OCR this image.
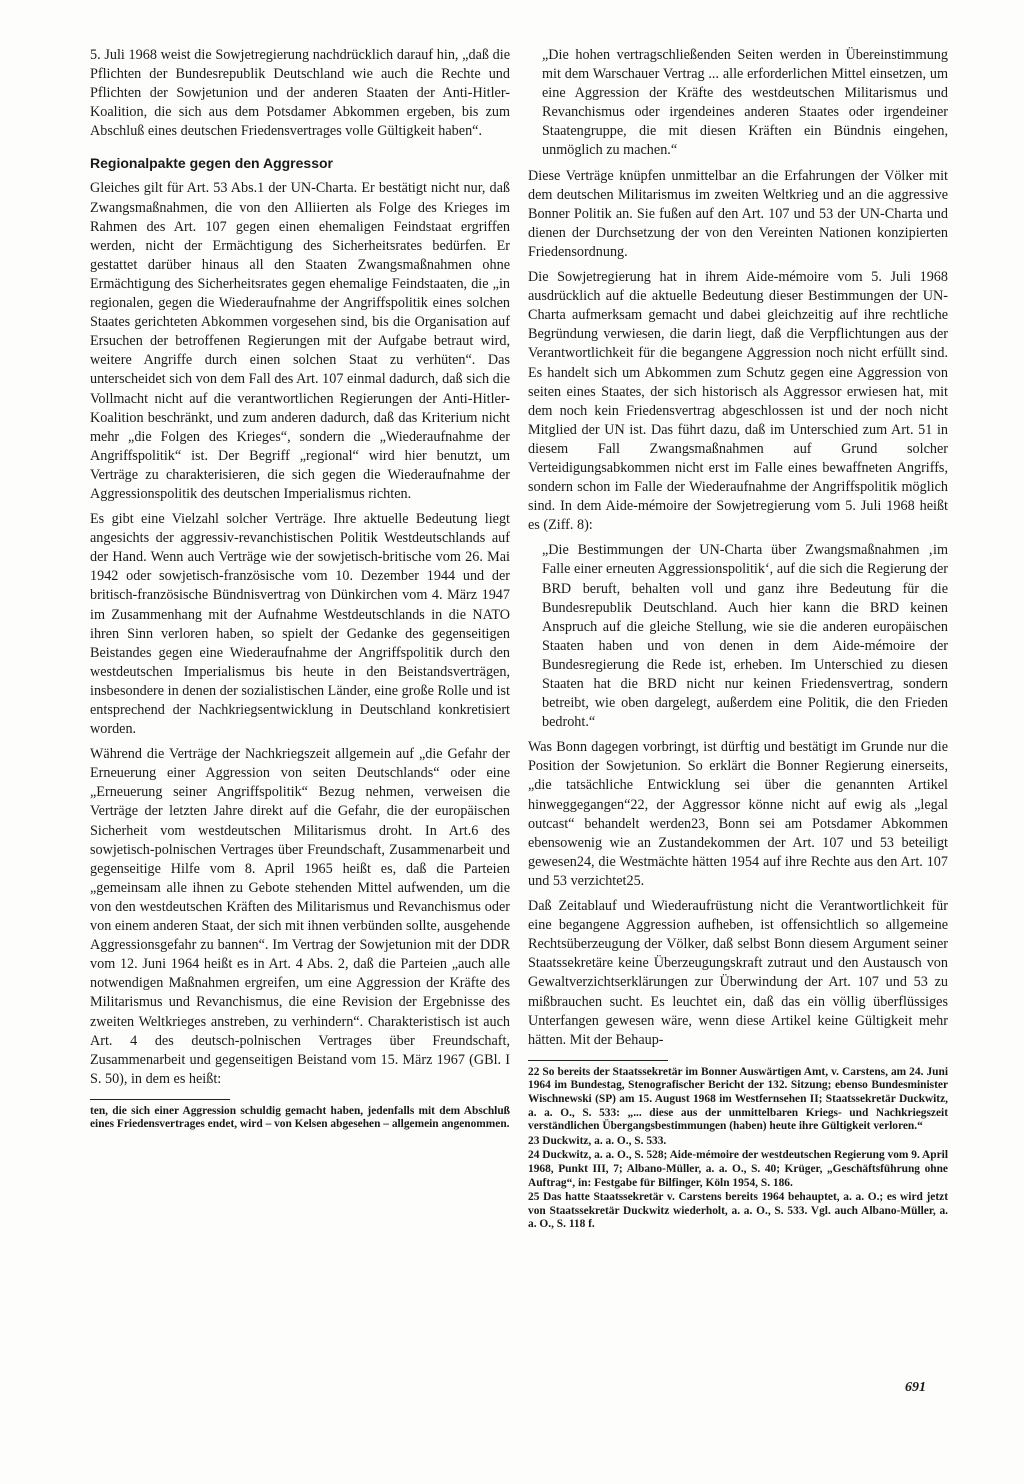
5. Juli 1968 weist die Sowjetregierung nachdrücklich darauf hin, „daß die Pflichten der Bundesrepublik Deutschland wie auch die Rechte und Pflichten der Sowjetunion und der anderen Staaten der Anti-Hitler-Koalition, die sich aus dem Potsdamer Abkommen ergeben, bis zum Abschluß eines deutschen Friedensvertrages volle Gültigkeit haben“.

Regionalpakte gegen den Aggressor

Gleiches gilt für Art. 53 Abs.1 der UN-Charta. Er bestätigt nicht nur, daß Zwangsmaßnahmen, die von den Alliierten als Folge des Krieges im Rahmen des Art. 107 gegen einen ehemaligen Feindstaat ergriffen werden, nicht der Ermächtigung des Sicherheitsrates bedürfen. Er gestattet darüber hinaus all den Staaten Zwangsmaßnahmen ohne Ermächtigung des Sicherheitsrates gegen ehemalige Feindstaaten, die „in regionalen, gegen die Wiederaufnahme der Angriffspolitik eines solchen Staates gerichteten Abkommen vorgesehen sind, bis die Organisation auf Ersuchen der betroffenen Regierungen mit der Aufgabe betraut wird, weitere Angriffe durch einen solchen Staat zu verhüten“. Das unterscheidet sich von dem Fall des Art. 107 einmal dadurch, daß sich die Vollmacht nicht auf die verantwortlichen Regierungen der Anti-Hitler-Koalition beschränkt, und zum anderen dadurch, daß das Kriterium nicht mehr „die Folgen des Krieges“, sondern die „Wiederaufnahme der Angriffspolitik“ ist. Der Begriff „regional“ wird hier benutzt, um Verträge zu charakterisieren, die sich gegen die Wiederaufnahme der Aggressionspolitik des deutschen Imperialismus richten.

Es gibt eine Vielzahl solcher Verträge. Ihre aktuelle Bedeutung liegt angesichts der aggressiv-revanchistischen Politik Westdeutschlands auf der Hand. Wenn auch Verträge wie der sowjetisch-britische vom 26. Mai 1942 oder sowjetisch-französische vom 10. Dezember 1944 und der britisch-französische Bündnisvertrag von Dünkirchen vom 4. März 1947 im Zusammenhang mit der Aufnahme Westdeutschlands in die NATO ihren Sinn verloren haben, so spielt der Gedanke des gegenseitigen Beistandes gegen eine Wiederaufnahme der Angriffspolitik durch den westdeutschen Imperialismus bis heute in den Beistandsverträgen, insbesondere in denen der sozialistischen Länder, eine große Rolle und ist entsprechend der Nachkriegsentwicklung in Deutschland konkretisiert worden.

Während die Verträge der Nachkriegszeit allgemein auf „die Gefahr der Erneuerung einer Aggression von seiten Deutschlands“ oder eine „Erneuerung seiner Angriffspolitik“ Bezug nehmen, verweisen die Verträge der letzten Jahre direkt auf die Gefahr, die der europäischen Sicherheit vom westdeutschen Militarismus droht. In Art.6 des sowjetisch-polnischen Vertrages über Freundschaft, Zusammenarbeit und gegenseitige Hilfe vom 8. April 1965 heißt es, daß die Parteien „gemeinsam alle ihnen zu Gebote stehenden Mittel aufwenden, um die von den westdeutschen Kräften des Militarismus und Revanchismus oder von einem anderen Staat, der sich mit ihnen verbünden sollte, ausgehende Aggressionsgefahr zu bannen“. Im Vertrag der Sowjetunion mit der DDR vom 12. Juni 1964 heißt es in Art. 4 Abs. 2, daß die Parteien „auch alle notwendigen Maßnahmen ergreifen, um eine Aggression der Kräfte des Militarismus und Revanchismus, die eine Revision der Ergebnisse des zweiten Weltkrieges anstreben, zu verhindern“. Charakteristisch ist auch Art. 4 des deutsch-polnischen Vertrages über Freundschaft, Zusammenarbeit und gegenseitigen Beistand vom 15. März 1967 (GBl. I S. 50), in dem es heißt:

ten, die sich einer Aggression schuldig gemacht haben, jedenfalls mit dem Abschluß eines Friedensvertrages endet, wird – von Kelsen abgesehen – allgemein angenommen.

„Die hohen vertragschließenden Seiten werden in Übereinstimmung mit dem Warschauer Vertrag ... alle erforderlichen Mittel einsetzen, um eine Aggression der Kräfte des westdeutschen Militarismus und Revanchismus oder irgendeines anderen Staates oder irgendeiner Staatengruppe, die mit diesen Kräften ein Bündnis eingehen, unmöglich zu machen.“

Diese Verträge knüpfen unmittelbar an die Erfahrungen der Völker mit dem deutschen Militarismus im zweiten Weltkrieg und an die aggressive Bonner Politik an. Sie fußen auf den Art. 107 und 53 der UN-Charta und dienen der Durchsetzung der von den Vereinten Nationen konzipierten Friedensordnung.

Die Sowjetregierung hat in ihrem Aide-mémoire vom 5. Juli 1968 ausdrücklich auf die aktuelle Bedeutung dieser Bestimmungen der UN-Charta aufmerksam gemacht und dabei gleichzeitig auf ihre rechtliche Begründung verwiesen, die darin liegt, daß die Verpflichtungen aus der Verantwortlichkeit für die begangene Aggression noch nicht erfüllt sind. Es handelt sich um Abkommen zum Schutz gegen eine Aggression von seiten eines Staates, der sich historisch als Aggressor erwiesen hat, mit dem noch kein Friedensvertrag abgeschlossen ist und der noch nicht Mitglied der UN ist. Das führt dazu, daß im Unterschied zum Art. 51 in diesem Fall Zwangsmaßnahmen auf Grund solcher Verteidigungsabkommen nicht erst im Falle eines bewaffneten Angriffs, sondern schon im Falle der Wiederaufnahme der Angriffspolitik möglich sind. In dem Aide-mémoire der Sowjetregierung vom 5. Juli 1968 heißt es (Ziff. 8):

„Die Bestimmungen der UN-Charta über Zwangsmaßnahmen ‚im Falle einer erneuten Aggressionspolitik‘, auf die sich die Regierung der BRD beruft, behalten voll und ganz ihre Bedeutung für die Bundesrepublik Deutschland. Auch hier kann die BRD keinen Anspruch auf die gleiche Stellung, wie sie die anderen europäischen Staaten haben und von denen in dem Aide-mémoire der Bundesregierung die Rede ist, erheben. Im Unterschied zu diesen Staaten hat die BRD nicht nur keinen Friedensvertrag, sondern betreibt, wie oben dargelegt, außerdem eine Politik, die den Frieden bedroht.“

Was Bonn dagegen vorbringt, ist dürftig und bestätigt im Grunde nur die Position der Sowjetunion. So erklärt die Bonner Regierung einerseits, „die tatsächliche Entwicklung sei über die genannten Artikel hinweggegangen“22, der Aggressor könne nicht auf ewig als „legal outcast“ behandelt werden23, Bonn sei am Potsdamer Abkommen ebensowenig wie an Zustandekommen der Art. 107 und 53 beteiligt gewesen24, die Westmächte hätten 1954 auf ihre Rechte aus den Art. 107 und 53 verzichtet25.

Daß Zeitablauf und Wiederaufrüstung nicht die Verantwortlichkeit für eine begangene Aggression aufheben, ist offensichtlich so allgemeine Rechtsüberzeugung der Völker, daß selbst Bonn diesem Argument seiner Staatssekretäre keine Überzeugungskraft zutraut und den Austausch von Gewaltverzichtserklärungen zur Überwindung der Art. 107 und 53 zu mißbrauchen sucht. Es leuchtet ein, daß das ein völlig überflüssiges Unterfangen gewesen wäre, wenn diese Artikel keine Gültigkeit mehr hätten. Mit der Behaup-

22 So bereits der Staatssekretär im Bonner Auswärtigen Amt, v. Carstens, am 24. Juni 1964 im Bundestag, Stenografischer Bericht der 132. Sitzung; ebenso Bundesminister Wischnewski (SP) am 15. August 1968 im Westfernsehen II; Staatssekretär Duckwitz, a. a. O., S. 533: „... diese aus der unmittelbaren Kriegs- und Nachkriegszeit verständlichen Übergangsbestimmungen (haben) heute ihre Gültigkeit verloren.“

23 Duckwitz, a. a. O., S. 533.

24 Duckwitz, a. a. O., S. 528; Aide-mémoire der westdeutschen Regierung vom 9. April 1968, Punkt III, 7; Albano-Müller, a. a. O., S. 40; Krüger, „Geschäftsführung ohne Auftrag“, in: Festgabe für Bilfinger, Köln 1954, S. 186.

25 Das hatte Staatssekretär v. Carstens bereits 1964 behauptet, a. a. O.; es wird jetzt von Staatssekretär Duckwitz wiederholt, a. a. O., S. 533. Vgl. auch Albano-Müller, a. a. O., S. 118 f.

691
